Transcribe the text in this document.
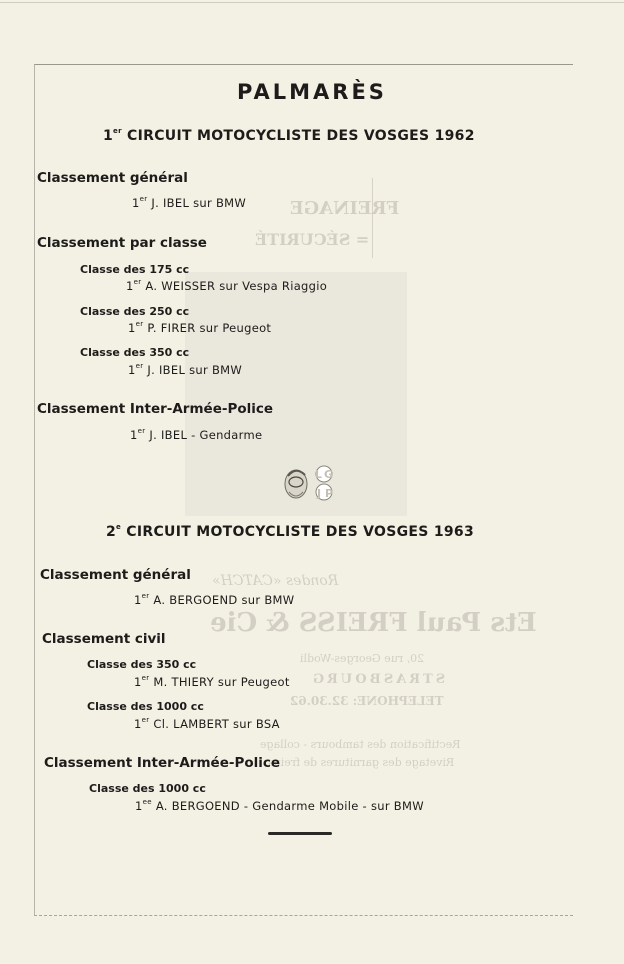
FREINAGE
= SÉCURITÉ
Rondes «CATCH»
Ets Paul FREISS & Cie
20, rue Georges-Wodli
STRASBOURG
TELEPHONE: 32.30.62
Rectification des tambours - collage
Rivetage des garnitures de freins
PALMARÈS
1er CIRCUIT MOTOCYCLISTE DES VOSGES 1962
Classement général
1er J. IBEL sur BMW
Classement par classe
Classe des 175 cc
1er A. WEISSER sur Vespa Riaggio
Classe des 250 cc
1er P. FIRER sur Peugeot
Classe des 350 cc
1er J. IBEL sur BMW
Classement Inter-Armée-Police
1er J. IBEL - Gendarme
L G
J P
2e CIRCUIT MOTOCYCLISTE DES VOSGES 1963
Classement général
1er A. BERGOEND sur BMW
Classement civil
Classe des 350 cc
1er M. THIERY sur Peugeot
Classe des 1000 cc
1er Cl. LAMBERT sur BSA
Classement Inter-Armée-Police
Classe des 1000 cc
$1^{ee}$ A. BERGOEND - Gendarme Mobile - sur BMW
